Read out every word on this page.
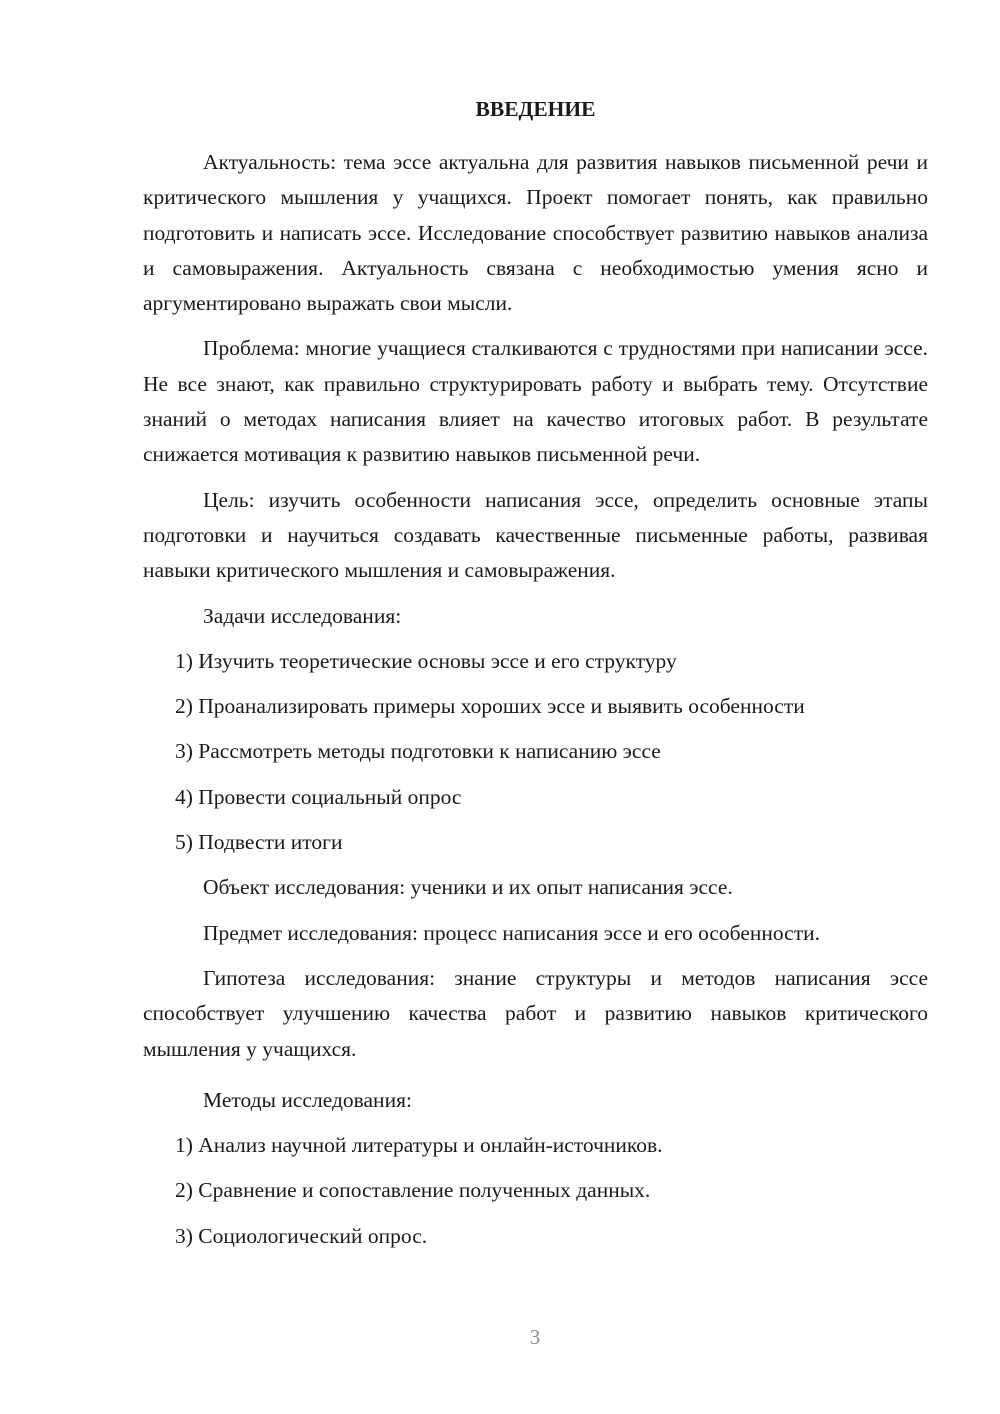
ВВЕДЕНИЕ

Актуальность: тема эссе актуальна для развития навыков письменной речи и критического мышления у учащихся. Проект помогает понять, как правильно подготовить и написать эссе. Исследование способствует развитию навыков анализа и самовыражения. Актуальность связана с необходимостью умения ясно и аргументировано выражать свои мысли.

Проблема: многие учащиеся сталкиваются с трудностями при написании эссе. Не все знают, как правильно структурировать работу и выбрать тему. Отсутствие знаний о методах написания влияет на качество итоговых работ. В результате снижается мотивация к развитию навыков письменной речи.

Цель: изучить особенности написания эссе, определить основные этапы подготовки и научиться создавать качественные письменные работы, развивая навыки критического мышления и самовыражения.

Задачи исследования:
1) Изучить теоретические основы эссе и его структуру
2) Проанализировать примеры хороших эссе и выявить особенности
3) Рассмотреть методы подготовки к написанию эссе
4) Провести социальный опрос
5) Подвести итоги
Объект исследования: ученики и их опыт написания эссе.
Предмет исследования: процесс написания эссе и его особенности.

Гипотеза исследования: знание структуры и методов написания эссе способствует улучшению качества работ и развитию навыков критического мышления у учащихся.

Методы исследования:
1) Анализ научной литературы и онлайн-источников.
2) Сравнение и сопоставление полученных данных.
3) Социологический опрос.
3
